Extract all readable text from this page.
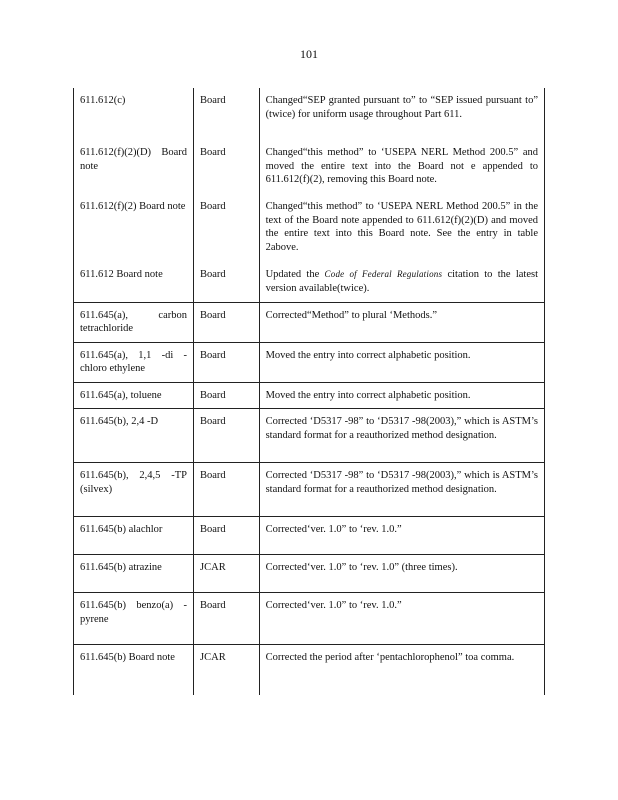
101
611.612(c)	Board	Changed“SEP granted pursuant to” to “SEP issued pursuant to” (twice) for uniform usage throughout Part 611.
611.612(f)(2)(D) Board note	Board	Changed“this method” to ‘USEPA NERL Method 200.5” and moved the entire text into the Board not e appended to 611.612(f)(2), removing this Board note.
611.612(f)(2) Board note	Board	Changed“this method” to ‘USEPA NERL Method 200.5” in the text of the Board note appended to 611.612(f)(2)(D) and moved the entire text into this Board note. See the entry in table 2above.
611.612 Board note	Board	Updated the Code of Federal Regulations citation to the latest version available(twice).
611.645(a), carbon tetrachloride	Board	Corrected“Method” to plural ‘Methods.”
611.645(a), 1,1 -di - chloro ethylene	Board	Moved the entry into correct alphabetic position.
611.645(a), toluene	Board	Moved the entry into correct alphabetic position.
611.645(b), 2,4 -D	Board	Corrected ‘D5317 -98” to ‘D5317 -98(2003),” which is ASTM’s standard format for a reauthorized method designation.
611.645(b), 2,4,5 -TP (silvex)	Board	Corrected ‘D5317 -98” to ‘D5317 -98(2003),” which is ASTM’s standard format for a reauthorized method designation.
611.645(b) alachlor	Board	Corrected‘ver. 1.0” to ‘rev. 1.0.”
611.645(b) atrazine	JCAR	Corrected‘ver. 1.0” to ‘rev. 1.0” (three times).
611.645(b) benzo(a) - pyrene	Board	Corrected‘ver. 1.0” to ‘rev. 1.0.”
611.645(b) Board note	JCAR	Corrected the period after ‘pentachlorophenol” toa comma.
